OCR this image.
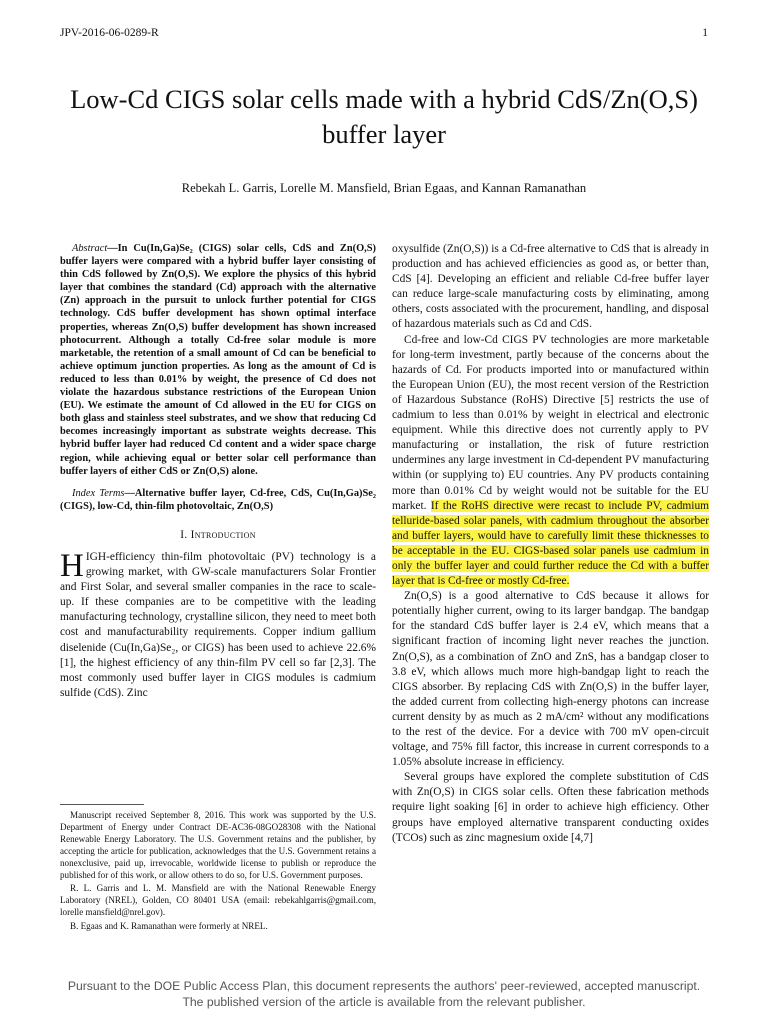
JPV-2016-06-0289-R	1
Low-Cd CIGS solar cells made with a hybrid CdS/Zn(O,S) buffer layer
Rebekah L. Garris, Lorelle M. Mansfield, Brian Egaas, and Kannan Ramanathan

Abstract—In Cu(In,Ga)Se₂ (CIGS) solar cells, CdS and Zn(O,S) buffer layers were compared with a hybrid buffer layer consisting of thin CdS followed by Zn(O,S). We explore the physics of this hybrid layer that combines the standard (Cd) approach with the alternative (Zn) approach in the pursuit to unlock further potential for CIGS technology. CdS buffer development has shown optimal interface properties, whereas Zn(O,S) buffer development has shown increased photocurrent. Although a totally Cd-free solar module is more marketable, the retention of a small amount of Cd can be beneficial to achieve optimum junction properties. As long as the amount of Cd is reduced to less than 0.01% by weight, the presence of Cd does not violate the hazardous substance restrictions of the European Union (EU). We estimate the amount of Cd allowed in the EU for CIGS on both glass and stainless steel substrates, and we show that reducing Cd becomes increasingly important as substrate weights decrease. This hybrid buffer layer had reduced Cd content and a wider space charge region, while achieving equal or better solar cell performance than buffer layers of either CdS or Zn(O,S) alone.

Index Terms—Alternative buffer layer, Cd-free, CdS, Cu(In,Ga)Se₂ (CIGS), low-Cd, thin-film photovoltaic, Zn(O,S)

I. Introduction

HIGH-efficiency thin-film photovoltaic (PV) technology is a growing market, with GW-scale manufacturers Solar Frontier and First Solar, and several smaller companies in the race to scale-up. If these companies are to be competitive with the leading manufacturing technology, crystalline silicon, they need to meet both cost and manufacturability requirements. Copper indium gallium diselenide (Cu(In,Ga)Se₂, or CIGS) has been used to achieve 22.6% [1], the highest efficiency of any thin-film PV cell so far [2,3]. The most commonly used buffer layer in CIGS modules is cadmium sulfide (CdS). Zinc

Manuscript received September 8, 2016. This work was supported by the U.S. Department of Energy under Contract DE-AC36-08GO28308 with the National Renewable Energy Laboratory. The U.S. Government retains and the publisher, by accepting the article for publication, acknowledges that the U.S. Government retains a nonexclusive, paid up, irrevocable, worldwide license to publish or reproduce the published for of this work, or allow others to do so, for U.S. Government purposes.

R. L. Garris and L. M. Mansfield are with the National Renewable Energy Laboratory (NREL), Golden, CO 80401 USA (email: rebekahlgarris@gmail.com, lorelle mansfield@nrel.gov).

B. Egaas and K. Ramanathan were formerly at NREL.

oxysulfide (Zn(O,S)) is a Cd-free alternative to CdS that is already in production and has achieved efficiencies as good as, or better than, CdS [4]. Developing an efficient and reliable Cd-free buffer layer can reduce large-scale manufacturing costs by eliminating, among others, costs associated with the procurement, handling, and disposal of hazardous materials such as Cd and CdS.

Cd-free and low-Cd CIGS PV technologies are more marketable for long-term investment, partly because of the concerns about the hazards of Cd. For products imported into or manufactured within the European Union (EU), the most recent version of the Restriction of Hazardous Substance (RoHS) Directive [5] restricts the use of cadmium to less than 0.01% by weight in electrical and electronic equipment. While this directive does not currently apply to PV manufacturing or installation, the risk of future restriction undermines any large investment in Cd-dependent PV manufacturing within (or supplying to) EU countries. Any PV products containing more than 0.01% Cd by weight would not be suitable for the EU market. If the RoHS directive were recast to include PV, cadmium telluride-based solar panels, with cadmium throughout the absorber and buffer layers, would have to carefully limit these thicknesses to be acceptable in the EU. CIGS-based solar panels use cadmium in only the buffer layer and could further reduce the Cd with a buffer layer that is Cd-free or mostly Cd-free.

Zn(O,S) is a good alternative to CdS because it allows for potentially higher current, owing to its larger bandgap. The bandgap for the standard CdS buffer layer is 2.4 eV, which means that a significant fraction of incoming light never reaches the junction. Zn(O,S), as a combination of ZnO and ZnS, has a bandgap closer to 3.8 eV, which allows much more high-bandgap light to reach the CIGS absorber. By replacing CdS with Zn(O,S) in the buffer layer, the added current from collecting high-energy photons can increase current density by as much as 2 mA/cm² without any modifications to the rest of the device. For a device with 700 mV open-circuit voltage, and 75% fill factor, this increase in current corresponds to a 1.05% absolute increase in efficiency.

Several groups have explored the complete substitution of CdS with Zn(O,S) in CIGS solar cells. Often these fabrication methods require light soaking [6] in order to achieve high efficiency. Other groups have employed alternative transparent conducting oxides (TCOs) such as zinc magnesium oxide [4,7]

Pursuant to the DOE Public Access Plan, this document represents the authors' peer-reviewed, accepted manuscript.
The published version of the article is available from the relevant publisher.
